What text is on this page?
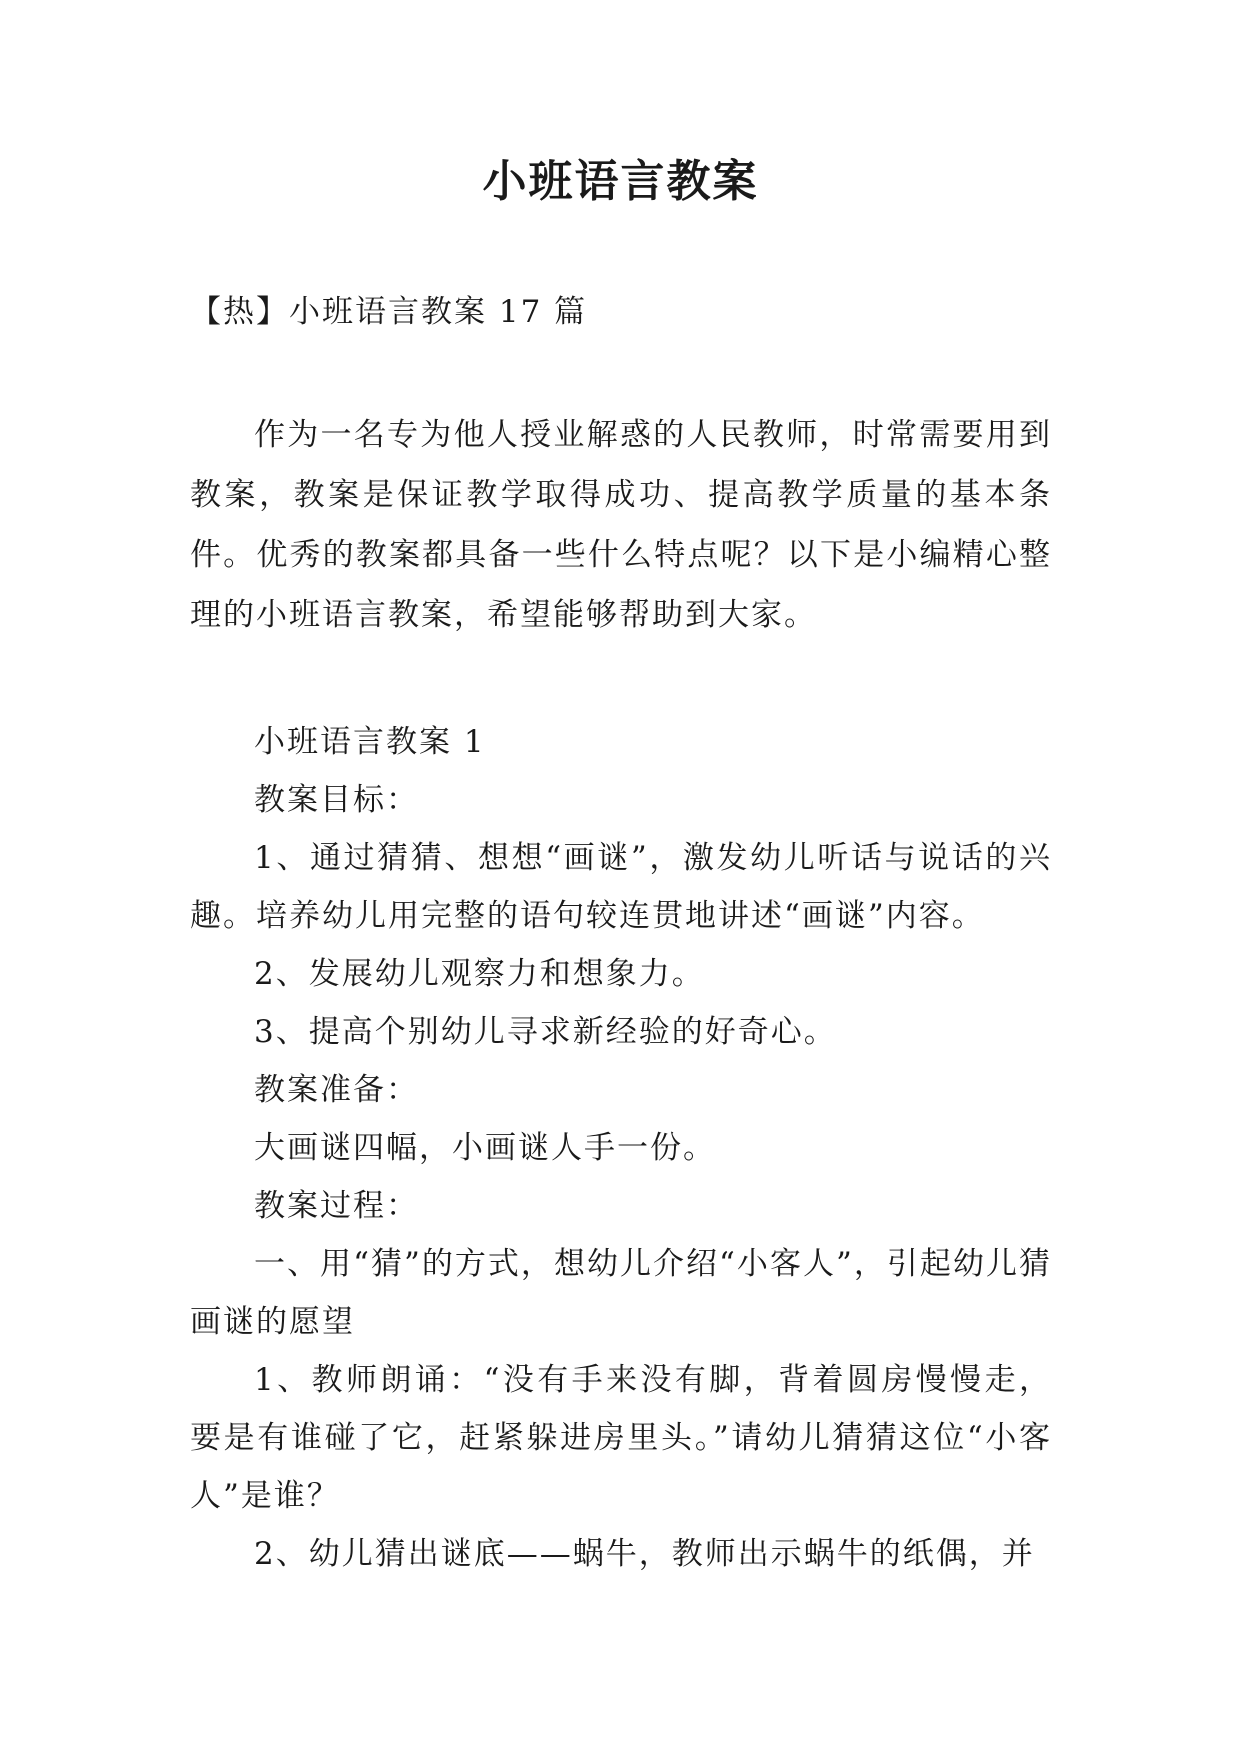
小班语言教案
【热】小班语言教案 17 篇

作为一名专为他人授业解惑的人民教师，时常需要用到教案，教案是保证教学取得成功、提高教学质量的基本条件。优秀的教案都具备一些什么特点呢？以下是小编精心整理的小班语言教案，希望能够帮助到大家。

小班语言教案 1

教案目标：

1、通过猜猜、想想“画谜”，激发幼儿听话与说话的兴趣。培养幼儿用完整的语句较连贯地讲述“画谜”内容。

2、发展幼儿观察力和想象力。

3、提高个别幼儿寻求新经验的好奇心。

教案准备：

大画谜四幅，小画谜人手一份。

教案过程：

一、用“猜”的方式，想幼儿介绍“小客人”，引起幼儿猜画谜的愿望

1、教师朗诵：“没有手来没有脚，背着圆房慢慢走，要是有谁碰了它，赶紧躲进房里头。”请幼儿猜猜这位“小客人”是谁？

2、幼儿猜出谜底——蜗牛，教师出示蜗牛的纸偶，并
